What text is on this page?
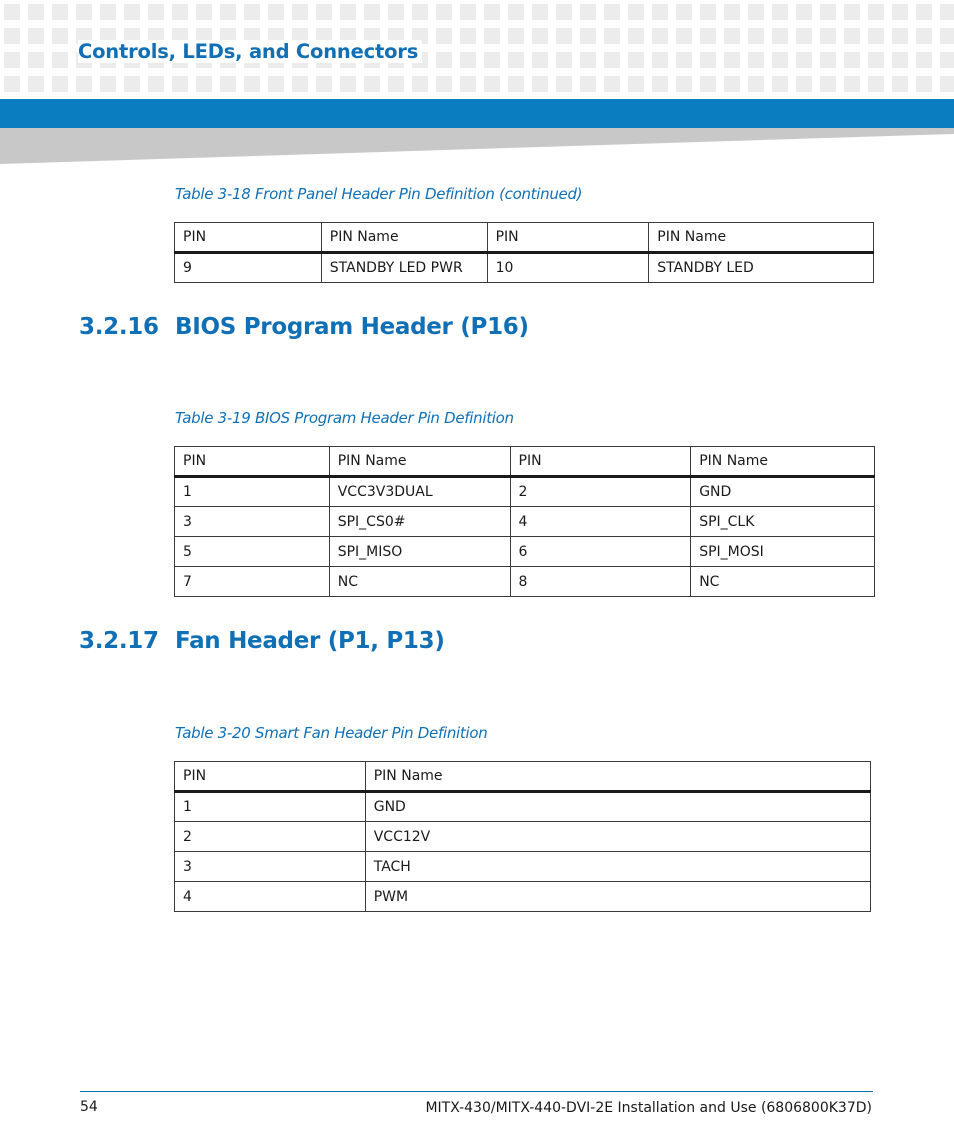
Controls, LEDs, and Connectors
Table 3-18 Front Panel Header Pin Definition (continued)
PIN	PIN Name	PIN	PIN Name
9	STANDBY LED PWR	10	STANDBY LED
3.2.16 BIOS Program Header (P16)
Table 3-19 BIOS Program Header Pin Definition
PIN	PIN Name	PIN	PIN Name
1	VCC3V3DUAL	2	GND
3	SPI_CS0#	4	SPI_CLK
5	SPI_MISO	6	SPI_MOSI
7	NC	8	NC
3.2.17 Fan Header (P1, P13)
Table 3-20 Smart Fan Header Pin Definition
PIN	PIN Name
1	GND
2	VCC12V
3	TACH
4	PWM
54	MITX-430/MITX-440-DVI-2E Installation and Use (6806800K37D)
